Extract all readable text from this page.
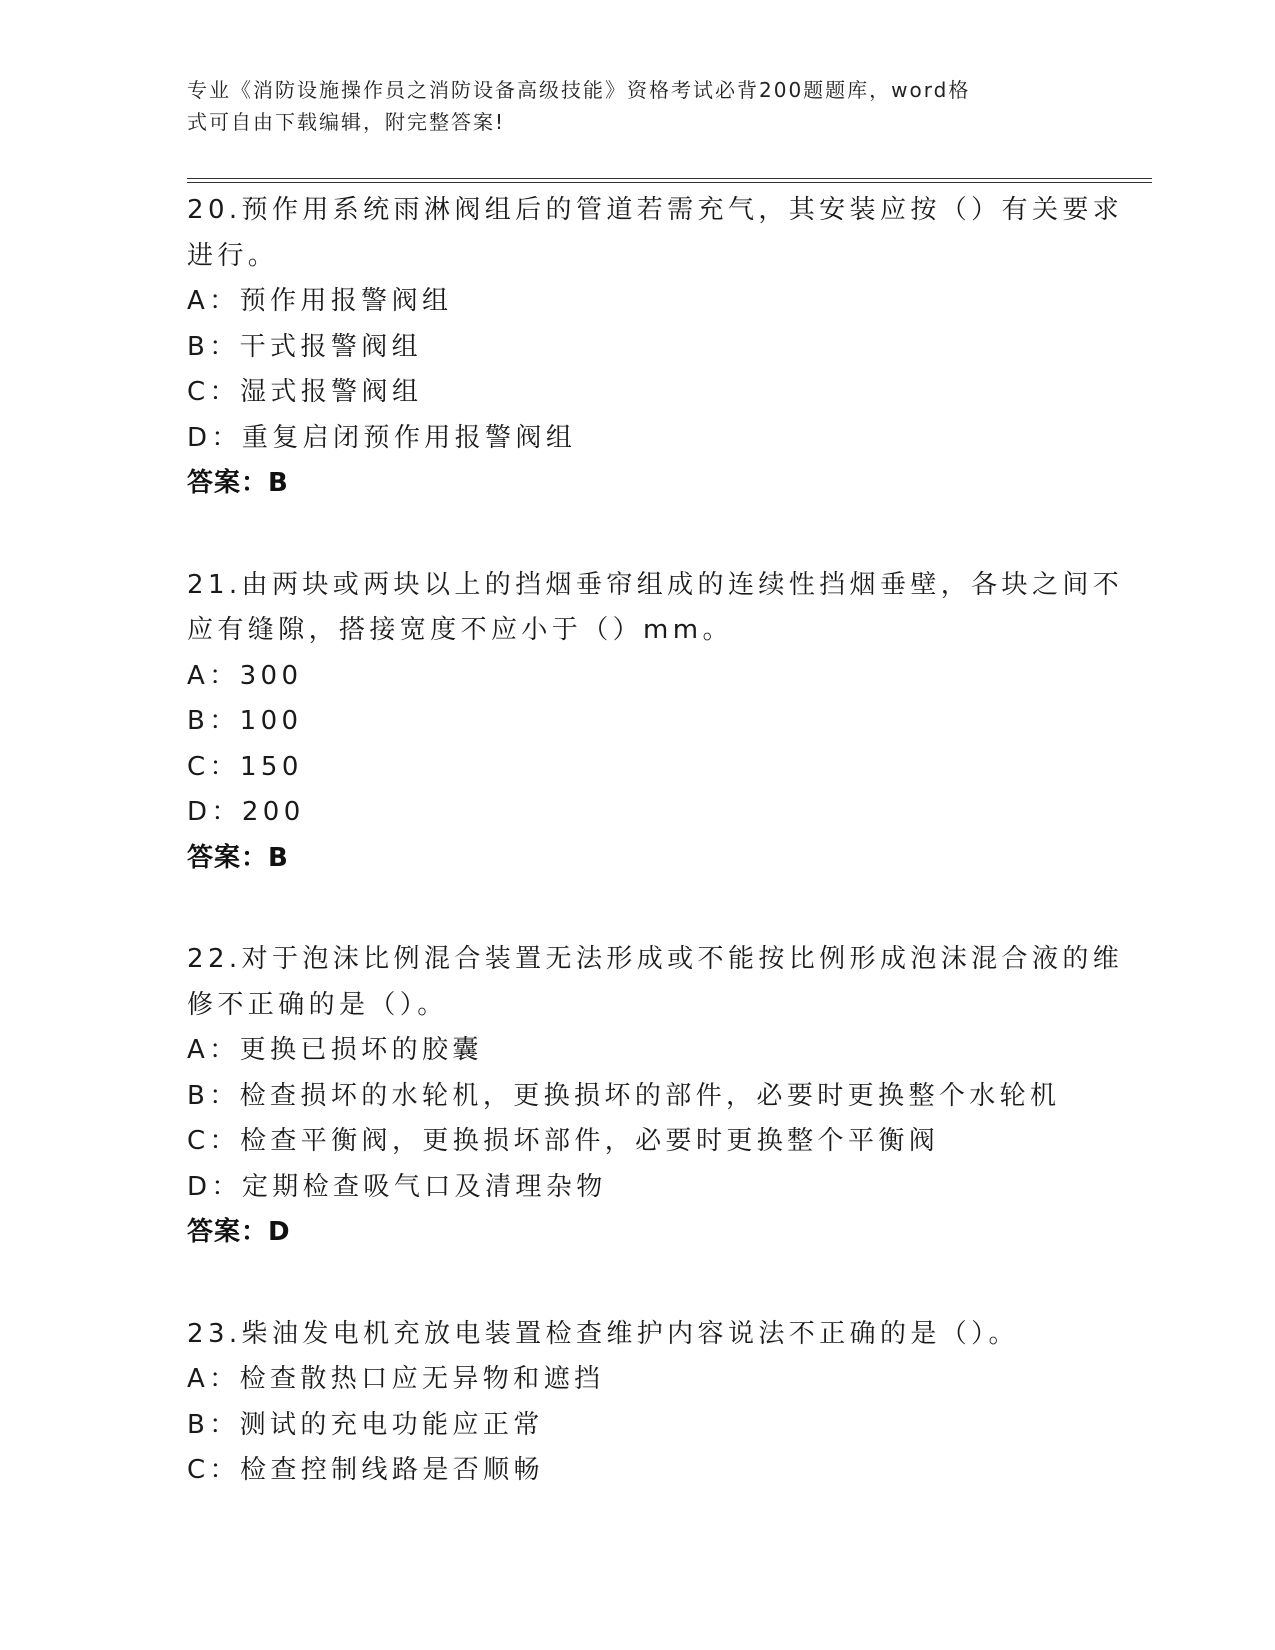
专业《消防设施操作员之消防设备高级技能》资格考试必背200题题库，word格
式可自由下载编辑，附完整答案!
20.预作用系统雨淋阀组后的管道若需充气，其安装应按（）有关要求
进行。
A：预作用报警阀组
B：干式报警阀组
C：湿式报警阀组
D：重复启闭预作用报警阀组
答案：B
21.由两块或两块以上的挡烟垂帘组成的连续性挡烟垂壁，各块之间不
应有缝隙，搭接宽度不应小于（）mm。
A：300
B：100
C：150
D：200
答案：B
22.对于泡沫比例混合装置无法形成或不能按比例形成泡沫混合液的维
修不正确的是（）。
A：更换已损坏的胶囊
B：检查损坏的水轮机，更换损坏的部件，必要时更换整个水轮机
C：检查平衡阀，更换损坏部件，必要时更换整个平衡阀
D：定期检查吸气口及清理杂物
答案：D
23.柴油发电机充放电装置检查维护内容说法不正确的是（）。
A：检查散热口应无异物和遮挡
B：测试的充电功能应正常
C：检查控制线路是否顺畅
